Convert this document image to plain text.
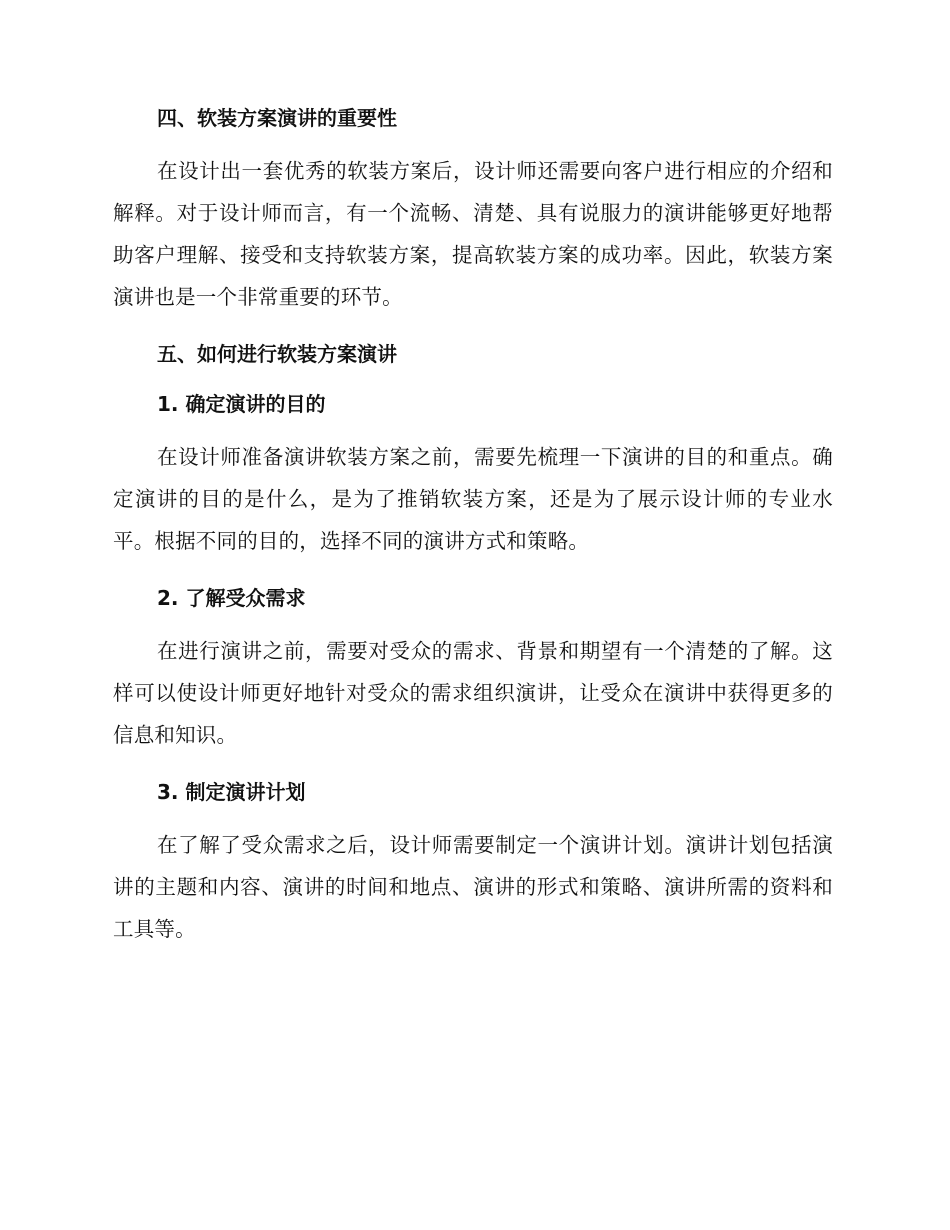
四、软装方案演讲的重要性

在设计出一套优秀的软装方案后，设计师还需要向客户进行相应的介绍和解释。对于设计师而言，有一个流畅、清楚、具有说服力的演讲能够更好地帮助客户理解、接受和支持软装方案，提高软装方案的成功率。因此，软装方案演讲也是一个非常重要的环节。

五、如何进行软装方案演讲
1. 确定演讲的目的

在设计师准备演讲软装方案之前，需要先梳理一下演讲的目的和重点。确定演讲的目的是什么，是为了推销软装方案，还是为了展示设计师的专业水平。根据不同的目的，选择不同的演讲方式和策略。

2. 了解受众需求

在进行演讲之前，需要对受众的需求、背景和期望有一个清楚的了解。这样可以使设计师更好地针对受众的需求组织演讲，让受众在演讲中获得更多的信息和知识。

3. 制定演讲计划

在了解了受众需求之后，设计师需要制定一个演讲计划。演讲计划包括演讲的主题和内容、演讲的时间和地点、演讲的形式和策略、演讲所需的资料和工具等。
